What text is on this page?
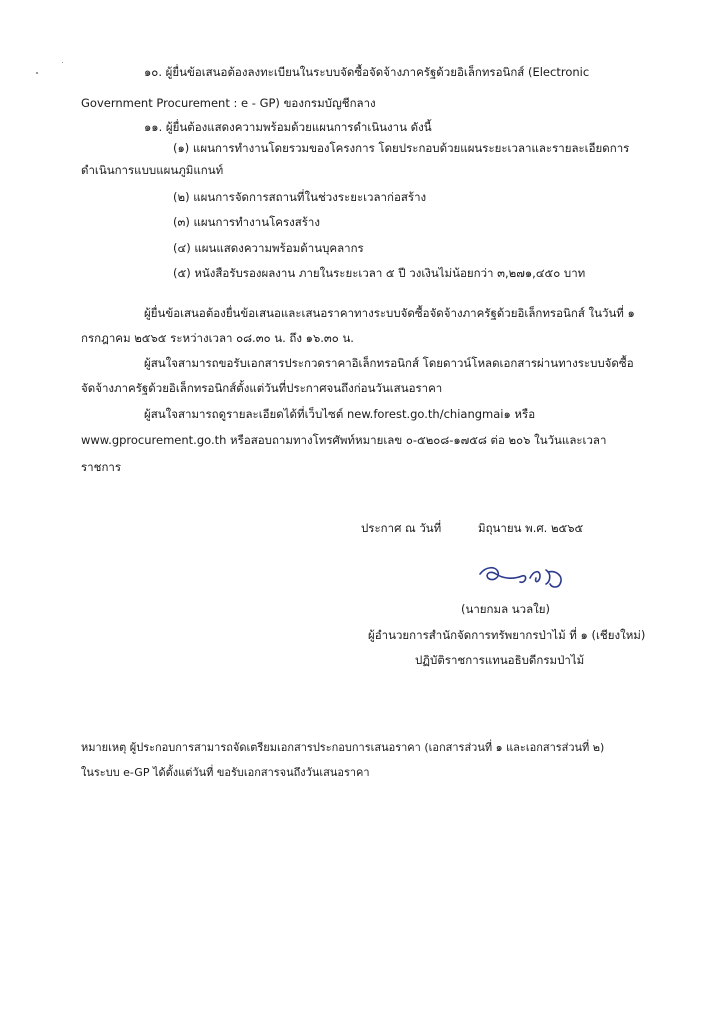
๑๐. ผู้ยื่นข้อเสนอต้องลงทะเบียนในระบบจัดซื้อจัดจ้างภาครัฐด้วยอิเล็กทรอนิกส์ (Electronic
Government Procurement : e - GP) ของกรมบัญชีกลาง
๑๑. ผู้ยื่นต้องแสดงความพร้อมด้วยแผนการดำเนินงาน ดังนี้
(๑) แผนการทำงานโดยรวมของโครงการ โดยประกอบด้วยแผนระยะเวลาและรายละเอียดการ
ดำเนินการแบบแผนภูมิแกนท์
(๒) แผนการจัดการสถานที่ในช่วงระยะเวลาก่อสร้าง
(๓) แผนการทำงานโครงสร้าง
(๔) แผนแสดงความพร้อมด้านบุคลากร
(๕) หนังสือรับรองผลงาน ภายในระยะเวลา ๕ ปี วงเงินไม่น้อยกว่า ๓,๒๗๑,๔๕๐ บาท
ผู้ยื่นข้อเสนอต้องยื่นข้อเสนอและเสนอราคาทางระบบจัดซื้อจัดจ้างภาครัฐด้วยอิเล็กทรอนิกส์ ในวันที่ ๑
กรกฎาคม ๒๕๖๕ ระหว่างเวลา ๐๘.๓๐ น. ถึง ๑๖.๓๐ น.
ผู้สนใจสามารถขอรับเอกสารประกวดราคาอิเล็กทรอนิกส์ โดยดาวน์โหลดเอกสารผ่านทางระบบจัดซื้อ
จัดจ้างภาครัฐด้วยอิเล็กทรอนิกส์ตั้งแต่วันที่ประกาศจนถึงก่อนวันเสนอราคา
ผู้สนใจสามารถดูรายละเอียดได้ที่เว็บไซต์ new.forest.go.th/chiangmai๑ หรือ
www.gprocurement.go.th หรือสอบถามทางโทรศัพท์หมายเลข ๐-๕๒๐๘-๑๗๕๘ ต่อ ๒๐๖ ในวันและเวลา
ราชการ
ประกาศ ณ วันที่	มิถุนายน พ.ศ. ๒๕๖๕
(นายกมล นวลใย)
ผู้อำนวยการสำนักจัดการทรัพยากรป่าไม้ ที่ ๑ (เชียงใหม่)
ปฏิบัติราชการแทนอธิบดีกรมป่าไม้
หมายเหตุ ผู้ประกอบการสามารถจัดเตรียมเอกสารประกอบการเสนอราคา (เอกสารส่วนที่ ๑ และเอกสารส่วนที่ ๒)
ในระบบ e-GP ได้ตั้งแต่วันที่ ขอรับเอกสารจนถึงวันเสนอราคา
